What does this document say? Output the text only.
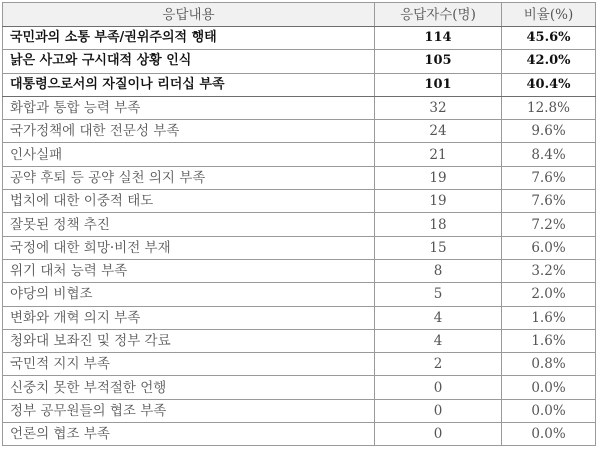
응답내용	응답자수(명)	비율(%)
국민과의 소통 부족/권위주의적 행태	114	45.6%
낡은 사고와 구시대적 상황 인식	105	42.0%
대통령으로서의 자질이나 리더십 부족	101	40.4%
화합과 통합 능력 부족	32	12.8%
국가정책에 대한 전문성 부족	24	9.6%
인사실패	21	8.4%
공약 후퇴 등 공약 실천 의지 부족	19	7.6%
법치에 대한 이중적 태도	19	7.6%
잘못된 정책 추진	18	7.2%
국정에 대한 희망·비전 부재	15	6.0%
위기 대처 능력 부족	8	3.2%
야당의 비협조	5	2.0%
변화와 개혁 의지 부족	4	1.6%
청와대 보좌진 및 정부 각료	4	1.6%
국민적 지지 부족	2	0.8%
신중치 못한 부적절한 언행	0	0.0%
정부 공무원들의 협조 부족	0	0.0%
언론의 협조 부족	0	0.0%
